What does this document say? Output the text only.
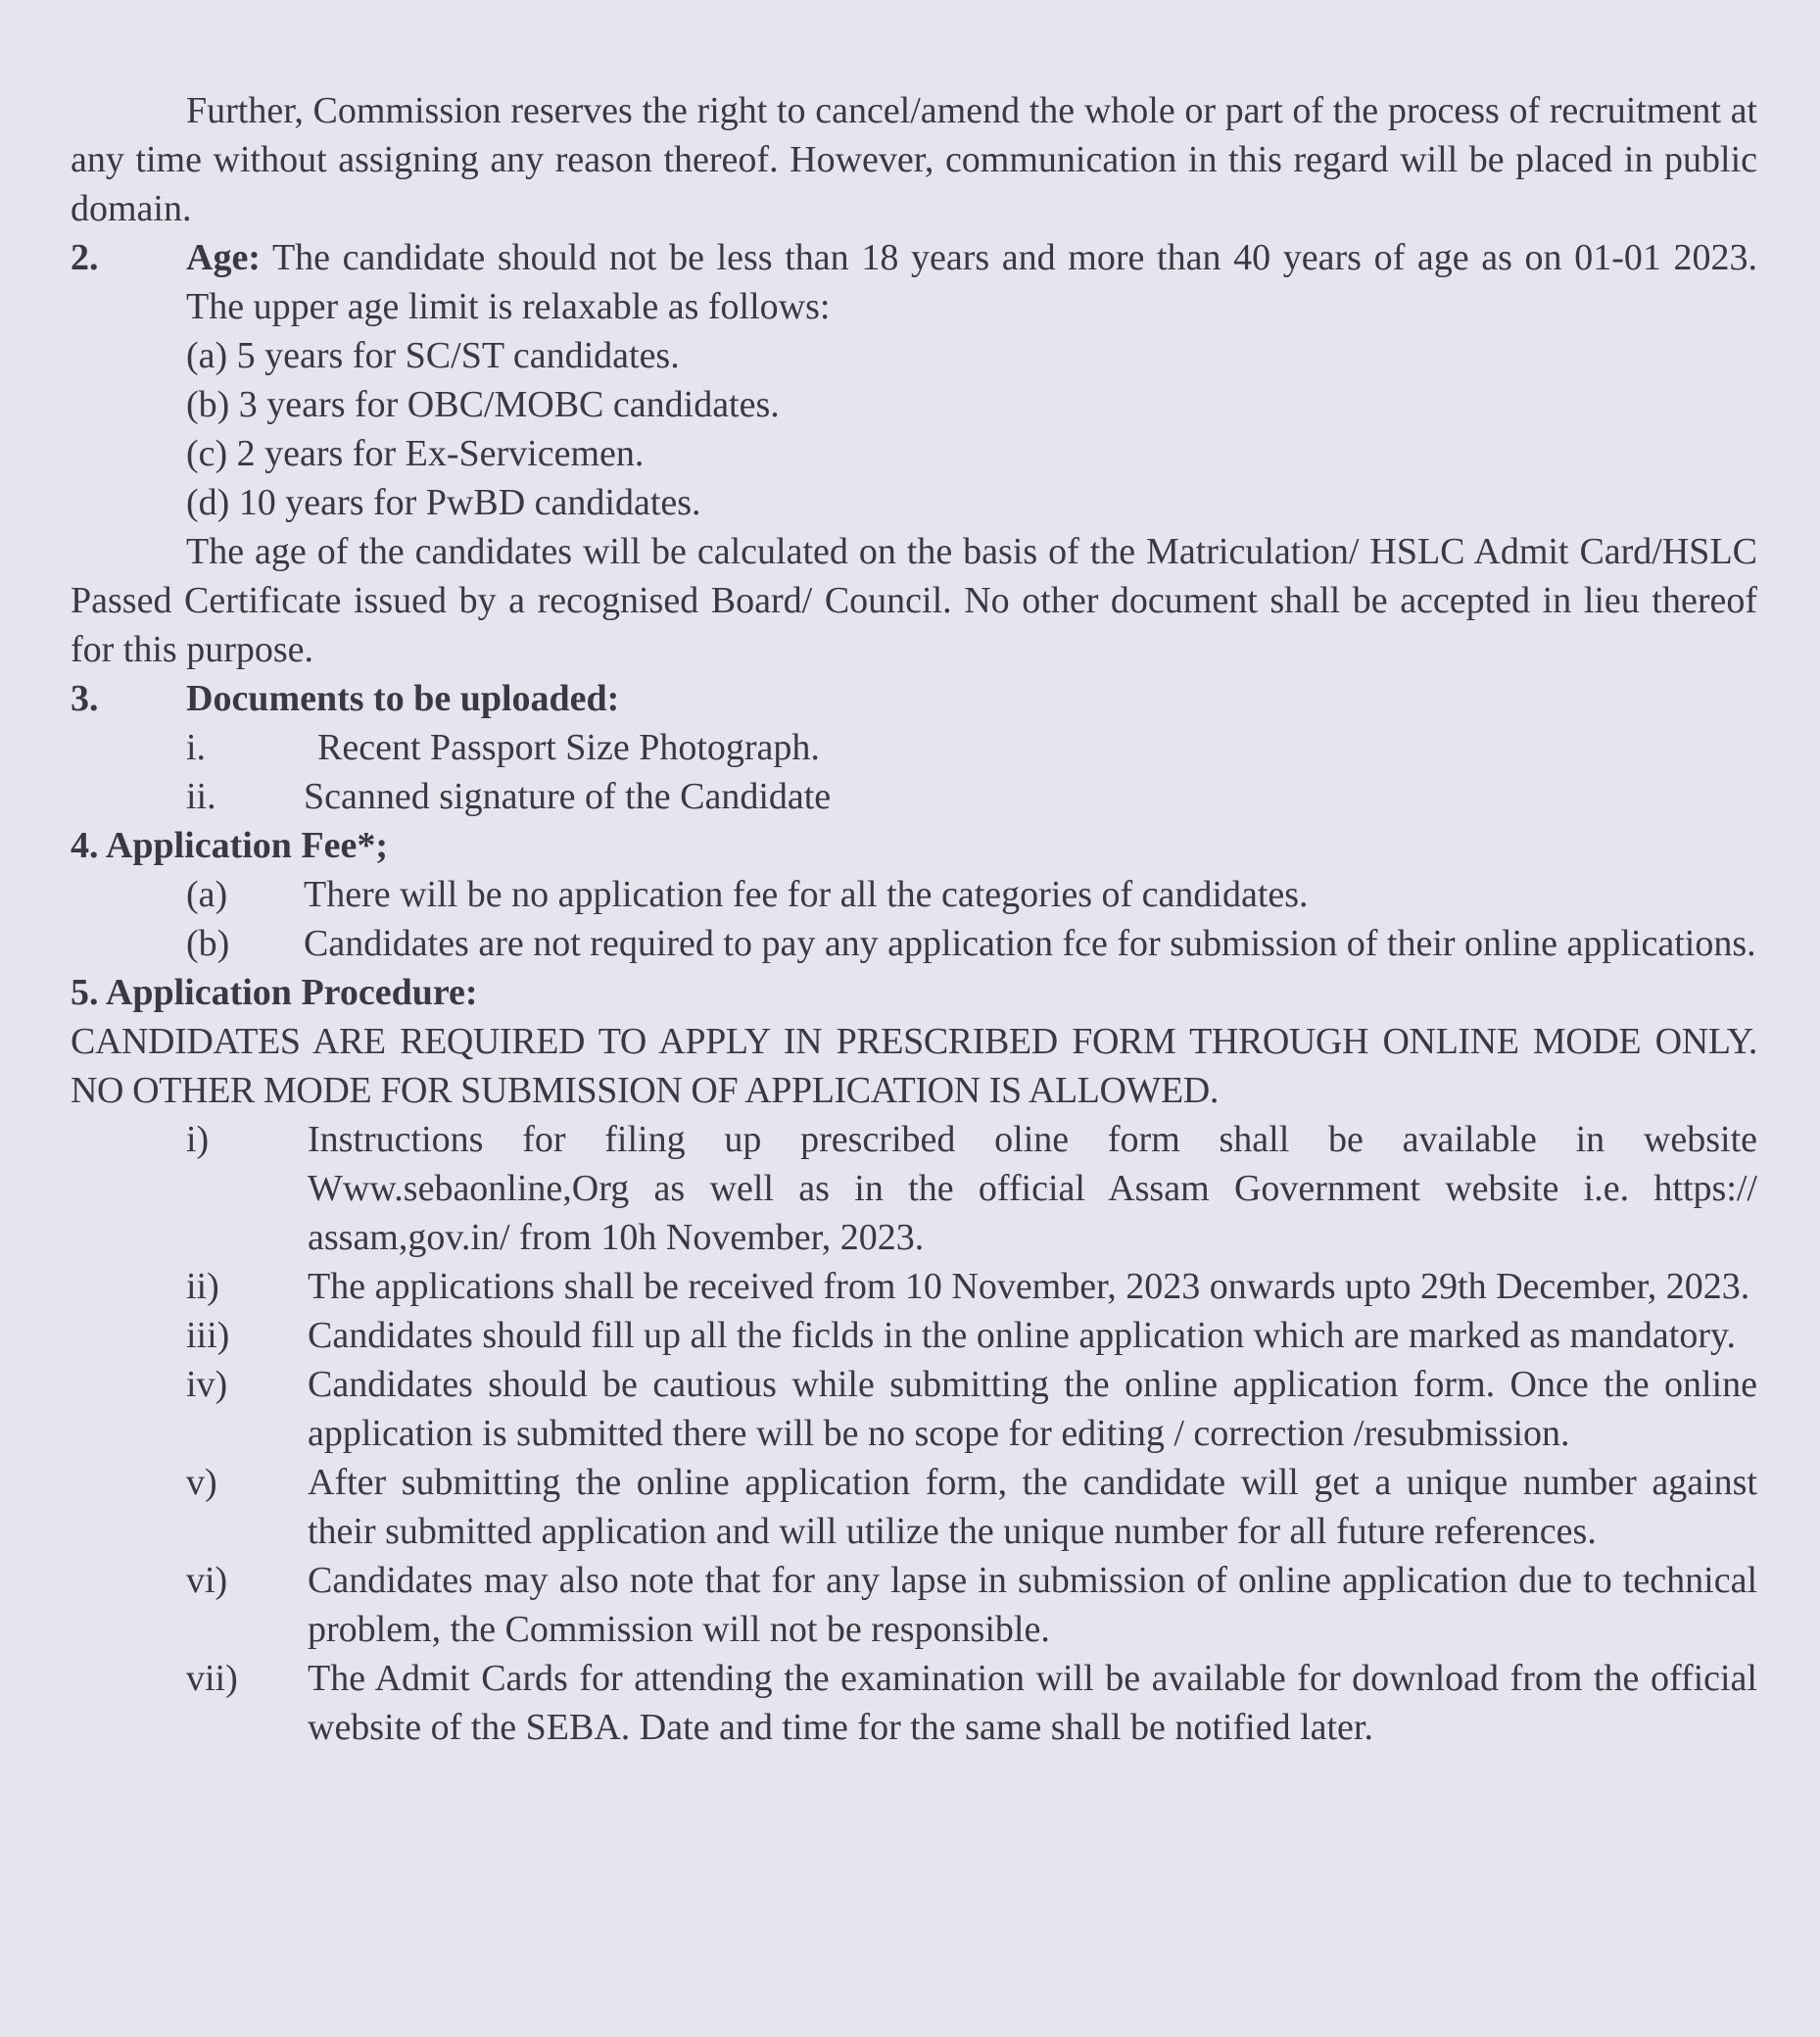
Further, Commission reserves the right to cancel/amend the whole or part of the process of recruitment at any time without assigning any reason thereof. However, communication in this regard will be placed in public domain.

2. Age: The candidate should not be less than 18 years and more than 40 years of age as on 01-01 2023. The upper age limit is relaxable as follows:

(a) 5 years for SC/ST candidates.

(b) 3 years for OBC/MOBC candidates.

(c) 2 years for Ex-Servicemen.

(d) 10 years for PwBD candidates.

The age of the candidates will be calculated on the basis of the Matriculation/ HSLC Admit Card/HSLC Passed Certificate issued by a recognised Board/ Council. No other document shall be accepted in lieu thereof for this purpose.

3. Documents to be uploaded:
i.	Recent Passport Size Photograph.
ii.	Scanned signature of the Candidate

4. Application Fee*;

(a)	There will be no application fee for all the categories of candidates.
(b)	Candidates are not required to pay any application fce for submission of their online applications.

5. Application Procedure:

CANDIDATES ARE REQUIRED TO APPLY IN PRESCRIBED FORM THROUGH ONLINE MODE ONLY. NO OTHER MODE FOR SUBMISSION OF APPLICATION IS ALLOWED.

i)	Instructions for filing up prescribed oline form shall be available in website Www.sebaonline,Org as well as in the official Assam Government website i.e. https:// assam,gov.in/ from 10h November, 2023.
ii)	The applications shall be received from 10 November, 2023 onwards upto 29th December, 2023.
iii)	Candidates should fill up all the ficlds in the online application which are marked as mandatory.
iv)	Candidates should be cautious while submitting the online application form. Once the online application is submitted there will be no scope for editing / correction /resubmission.
v)	After submitting the online application form, the candidate will get a unique number against their submitted application and will utilize the unique number for all future references.
vi)	Candidates may also note that for any lapse in submission of online application due to technical problem, the Commission will not be responsible.
vii)	The Admit Cards for attending the examination will be available for download from the official website of the SEBA. Date and time for the same shall be notified later.
